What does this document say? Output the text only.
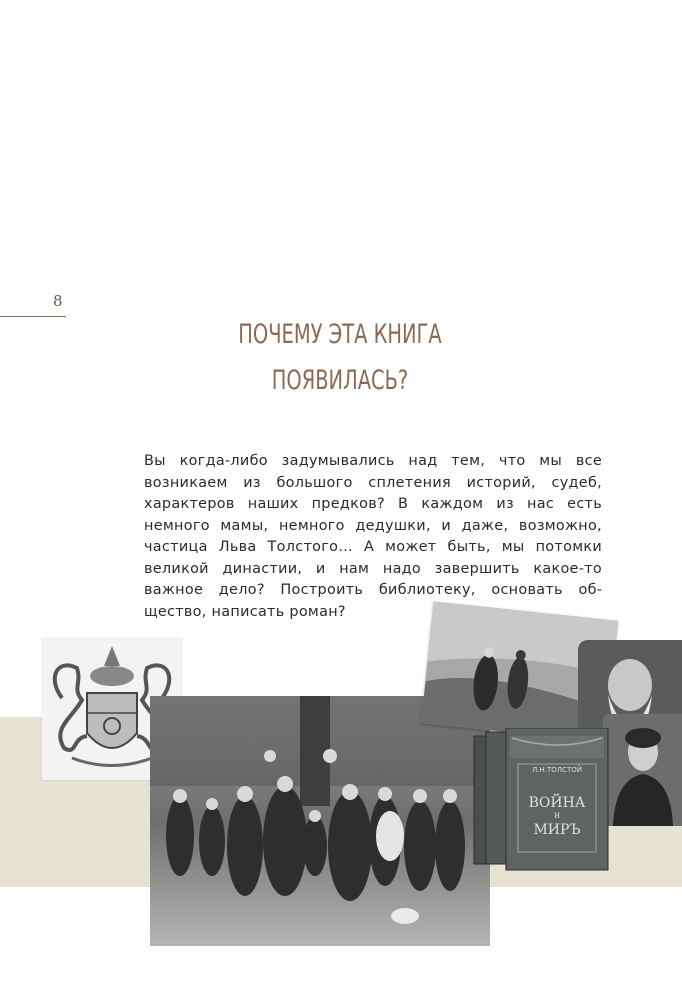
8
ПОЧЕМУ ЭТА КНИГА
ПОЯВИЛАСЬ?

Вы когда-либо задумывались над тем, что мы все возникаем из большого сплетения историй, судеб, характеров наших предков? В каждом из нас есть немного мамы, немного дедушки, и даже, возможно, частица Льва Толстого… А может быть, мы потомки великой династии, и нам надо завершить какое-то важное дело? Построить библиотеку, основать общество, написать роман?

Л.Н.ТОЛСТОЙ
ВОЙНА
И
МИРЪ
